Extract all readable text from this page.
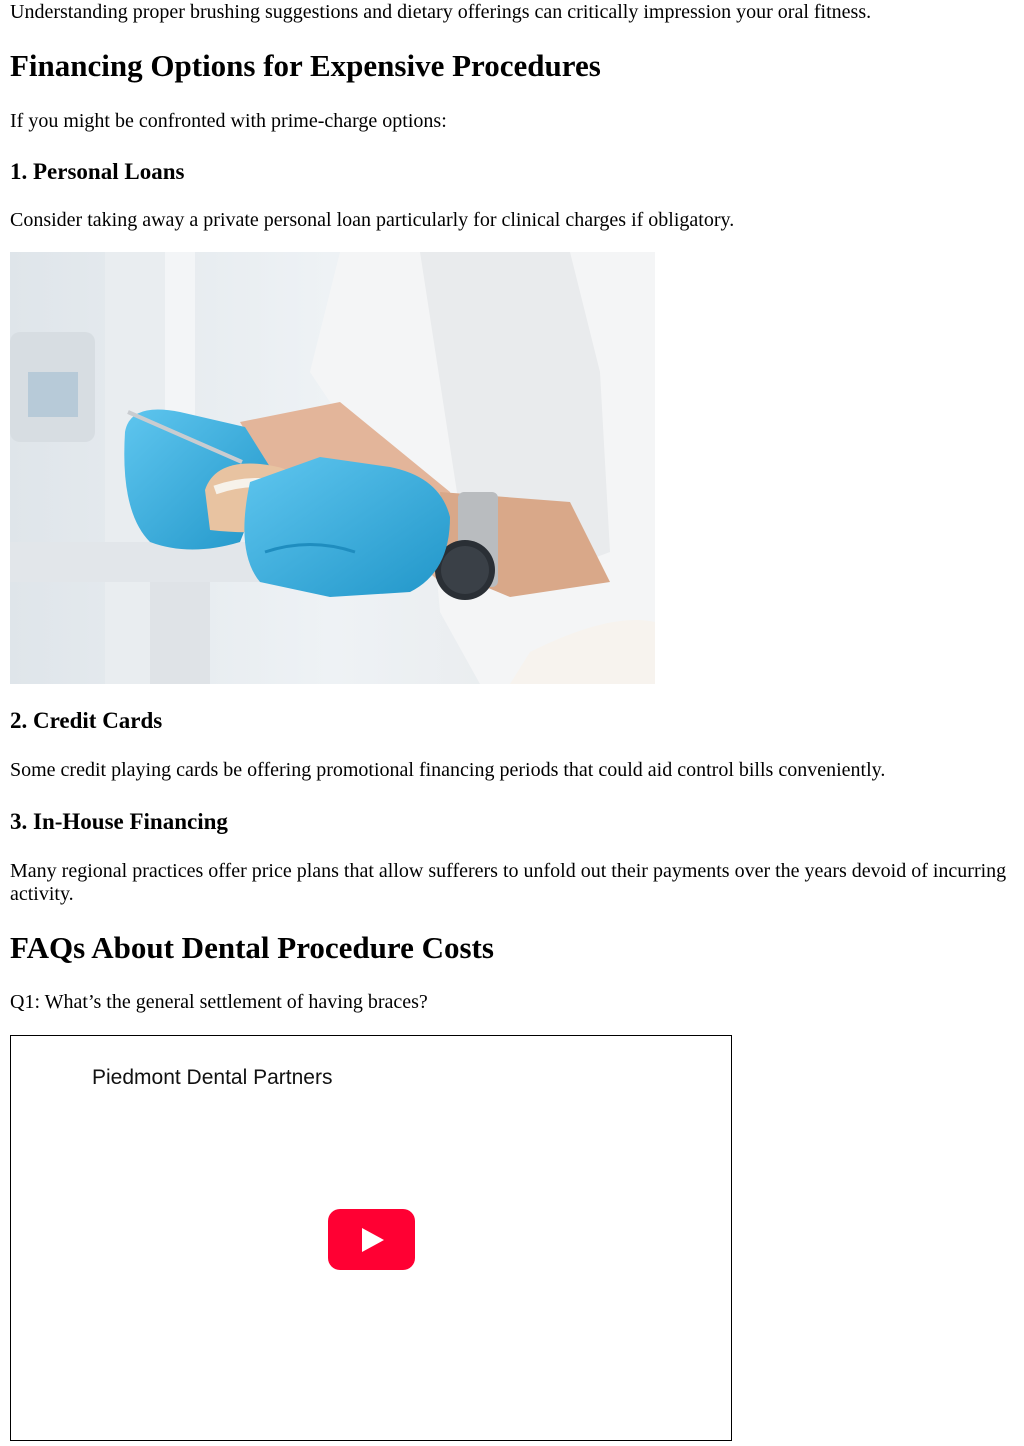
Understanding proper brushing suggestions and dietary offerings can critically impression your oral fitness.

Financing Options for Expensive Procedures

If you might be confronted with prime-charge options:

1. Personal Loans

Consider taking away a private personal loan particularly for clinical charges if obligatory.

2. Credit Cards

Some credit playing cards be offering promotional financing periods that could aid control bills conveniently.

3. In-House Financing

Many regional practices offer price plans that allow sufferers to unfold out their payments over the years devoid of incurring activity.

FAQs About Dental Procedure Costs

Q1: What’s the general settlement of having braces?

Piedmont Dental Partners
